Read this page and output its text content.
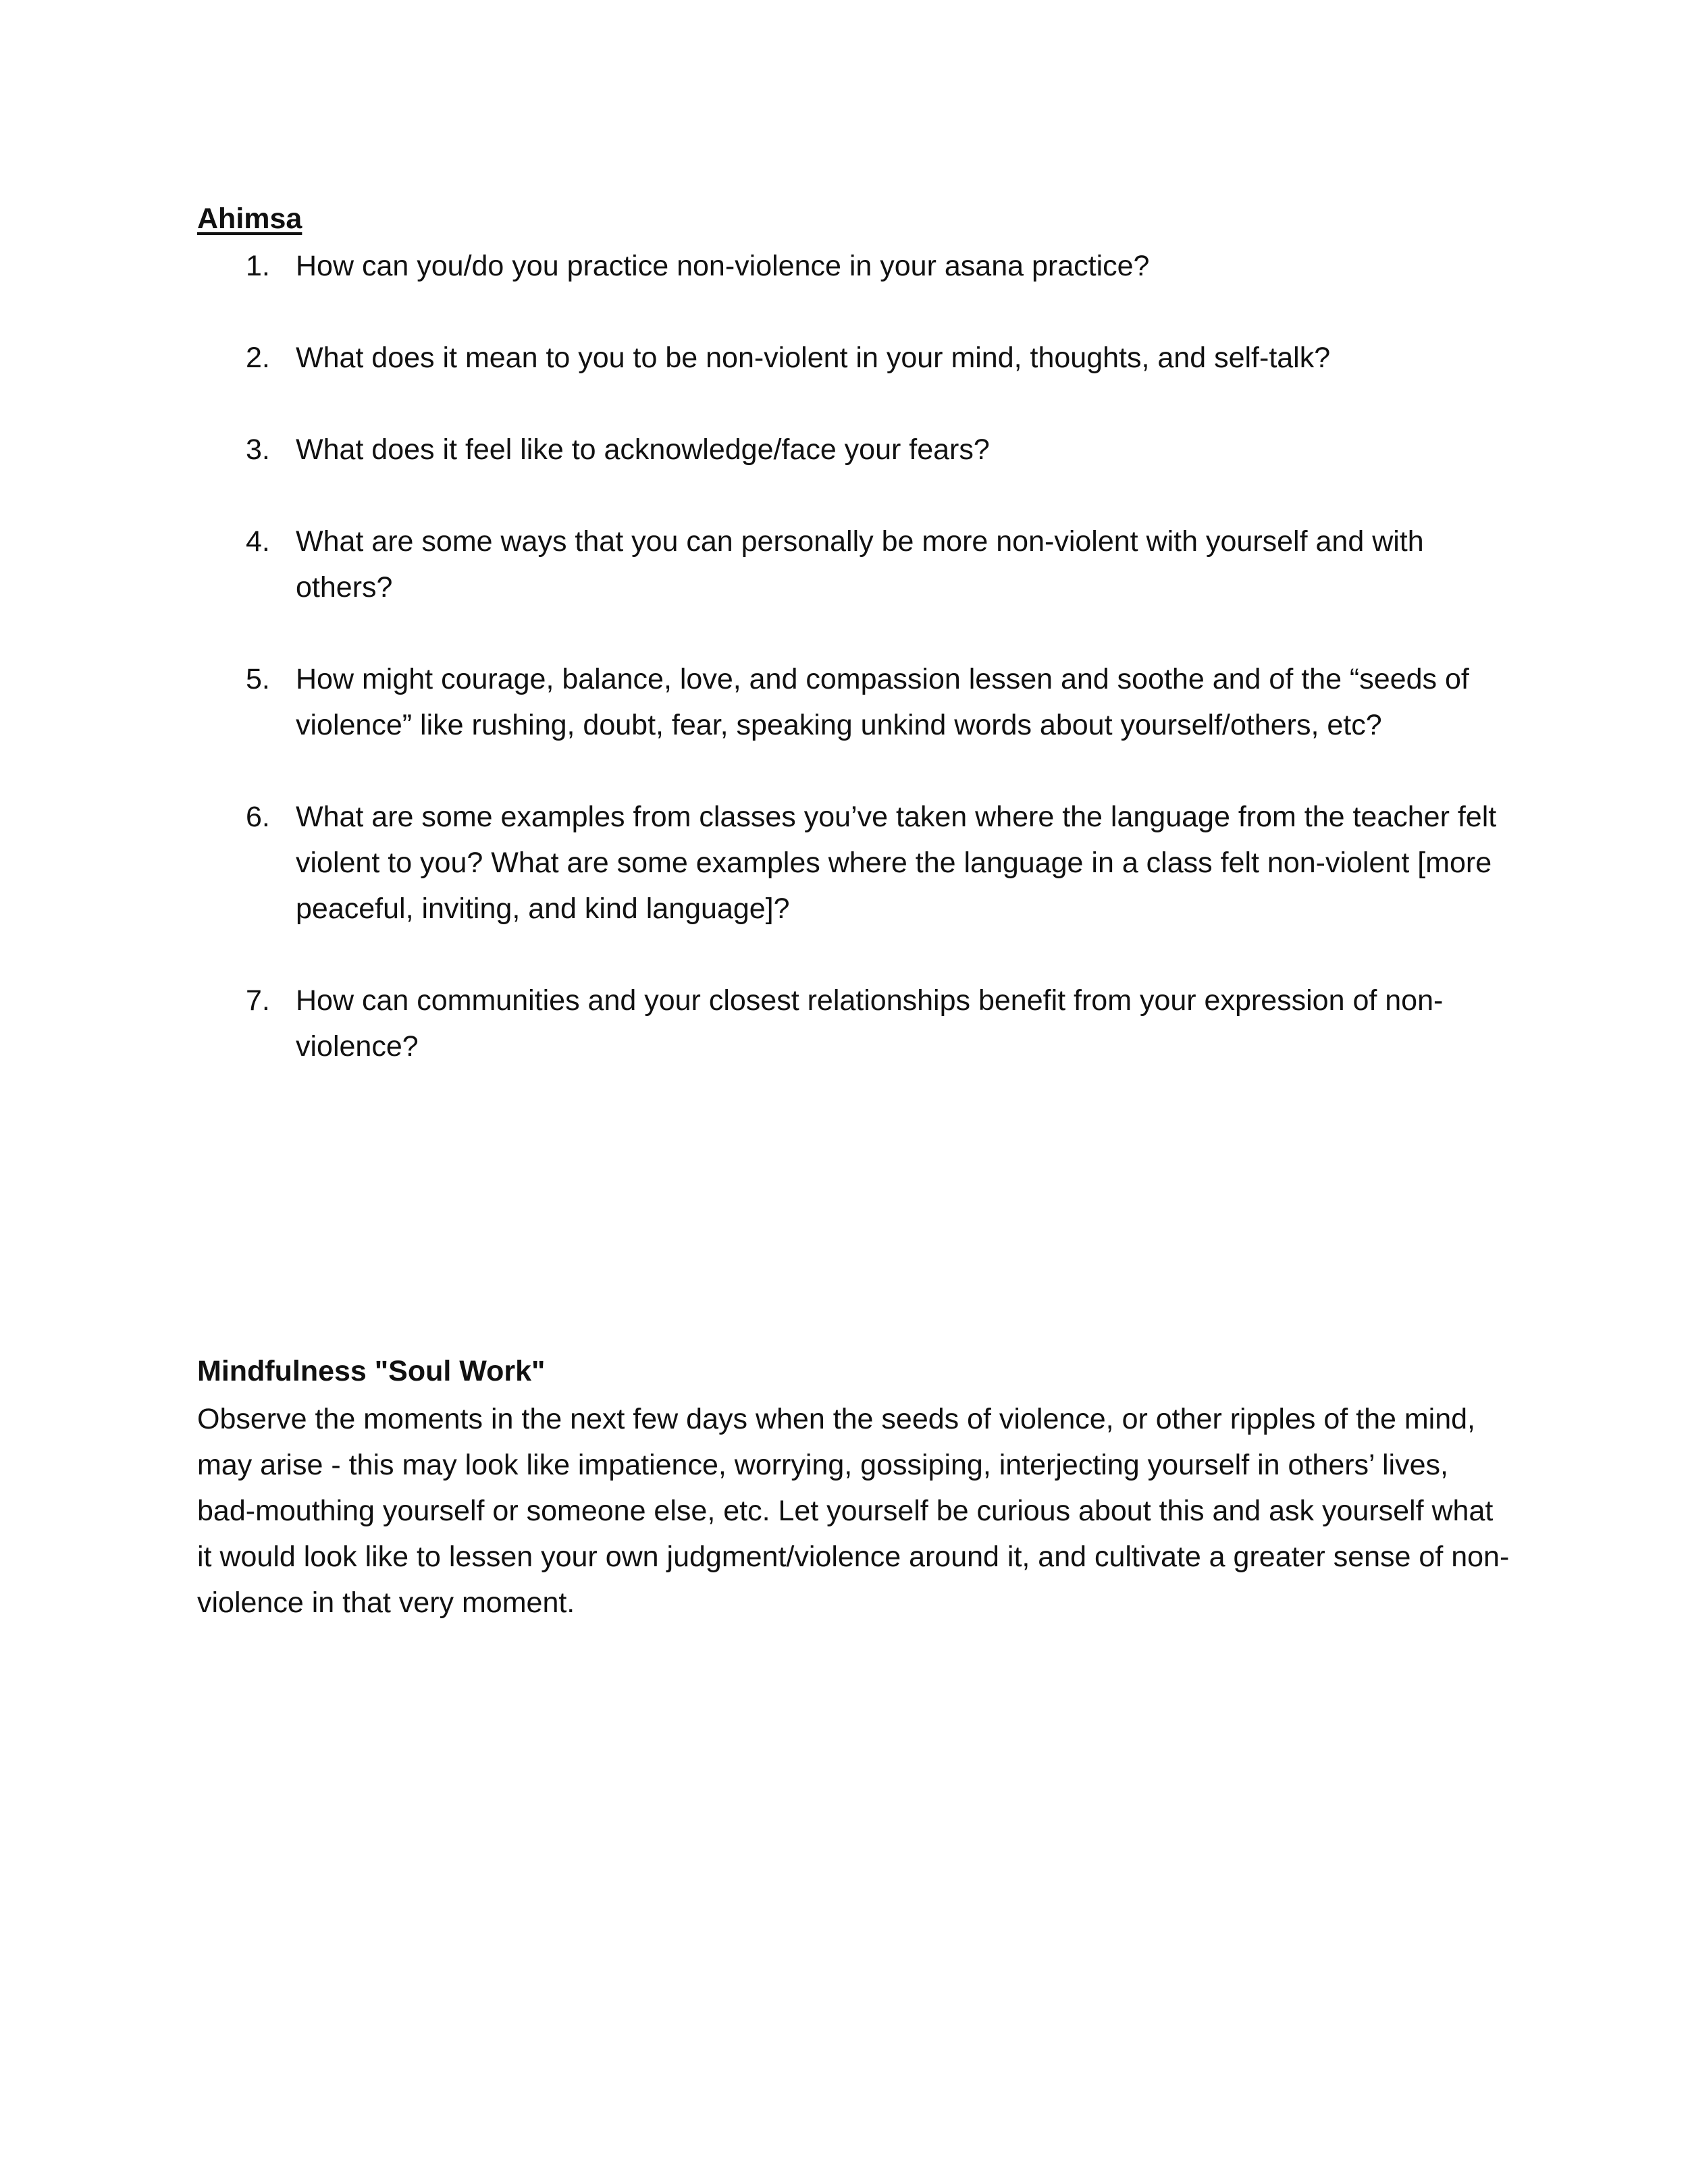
Ahimsa
1. How can you/do you practice non-violence in your asana practice?
2. What does it mean to you to be non-violent in your mind, thoughts, and self-talk?
3. What does it feel like to acknowledge/face your fears?
4. What are some ways that you can personally be more non-violent with yourself and with others?
5. How might courage, balance, love, and compassion lessen and soothe and of the “seeds of violence” like rushing, doubt, fear, speaking unkind words about yourself/others, etc?
6. What are some examples from classes you’ve taken where the language from the teacher felt violent to you? What are some examples where the language in a class felt non-violent [more peaceful, inviting, and kind language]?
7. How can communities and your closest relationships benefit from your expression of non-violence?
Mindfulness "Soul Work"

Observe the moments in the next few days when the seeds of violence, or other ripples of the mind, may arise - this may look like impatience, worrying, gossiping, interjecting yourself in others’ lives, bad-mouthing yourself or someone else, etc. Let yourself be curious about this and ask yourself what it would look like to lessen your own judgment/violence around it, and cultivate a greater sense of non-violence in that very moment.
